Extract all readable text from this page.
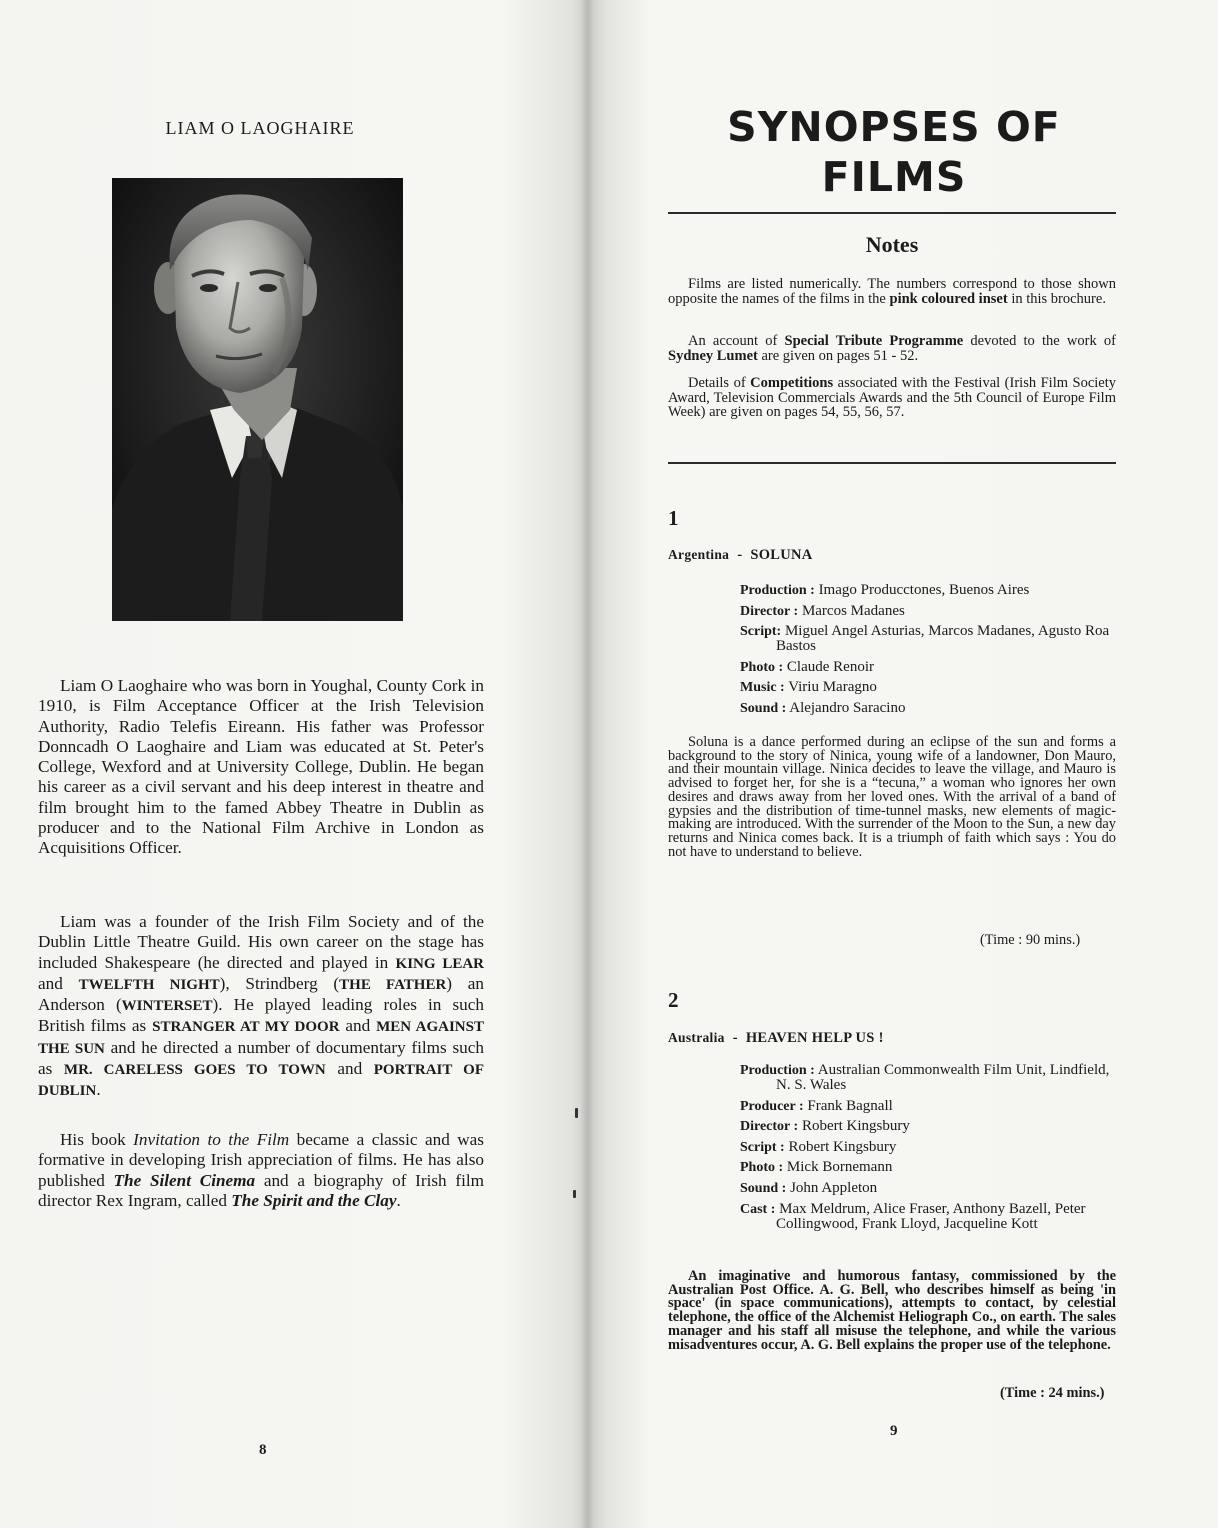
LIAM O LAOGHAIRE

Liam O Laoghaire who was born in Youghal, County Cork in 1910, is Film Acceptance Officer at the Irish Television Authority, Radio Telefis Eireann. His father was Professor Donncadh O Laoghaire and Liam was educated at St. Peter's College, Wexford and at University College, Dublin. He began his career as a civil servant and his deep interest in theatre and film brought him to the famed Abbey Theatre in Dublin as producer and to the National Film Archive in London as Acquisitions Officer.

Liam was a founder of the Irish Film Society and of the Dublin Little Theatre Guild. His own career on the stage has included Shakespeare (he directed and played in KING LEAR and TWELFTH NIGHT), Strindberg (THE FATHER) an Anderson (WINTERSET). He played leading roles in such British films as STRANGER AT MY DOOR and MEN AGAINST THE SUN and he directed a number of documentary films such as MR. CARELESS GOES TO TOWN and PORTRAIT OF DUBLIN.

His book Invitation to the Film became a classic and was formative in developing Irish appreciation of films. He has also published The Silent Cinema and a biography of Irish film director Rex Ingram, called The Spirit and the Clay.

8
SYNOPSES OF FILMS
Notes

Films are listed numerically. The numbers correspond to those shown opposite the names of the films in the pink coloured inset in this brochure.

An account of Special Tribute Programme devoted to the work of Sydney Lumet are given on pages 51 - 52.

Details of Competitions associated with the Festival (Irish Film Society Award, Television Commercials Awards and the 5th Council of Europe Film Week) are given on pages 54, 55, 56, 57.

1
Argentina - SOLUNA
Production : Imago Producctones, Buenos Aires
Director : Marcos Madanes
Script: Miguel Angel Asturias, Marcos Madanes, Agusto Roa Bastos
Photo : Claude Renoir
Music : Viriu Maragno
Sound : Alejandro Saracino

Soluna is a dance performed during an eclipse of the sun and forms a background to the story of Ninica, young wife of a landowner, Don Mauro, and their mountain village. Ninica decides to leave the village, and Mauro is advised to forget her, for she is a “tecuna,” a woman who ignores her own desires and draws away from her loved ones. With the arrival of a band of gypsies and the distribution of time-tunnel masks, new elements of magic-making are introduced. With the surrender of the Moon to the Sun, a new day returns and Ninica comes back. It is a triumph of faith which says : You do not have to understand to believe.

(Time : 90 mins.)
2
Australia - HEAVEN HELP US !
Production : Australian Commonwealth Film Unit, Lindfield, N. S. Wales
Producer : Frank Bagnall
Director : Robert Kingsbury
Script : Robert Kingsbury
Photo : Mick Bornemann
Sound : John Appleton
Cast : Max Meldrum, Alice Fraser, Anthony Bazell, Peter Collingwood, Frank Lloyd, Jacqueline Kott

An imaginative and humorous fantasy, commissioned by the Australian Post Office. A. G. Bell, who describes himself as being 'in space' (in space communications), attempts to contact, by celestial telephone, the office of the Alchemist Heliograph Co., on earth. The sales manager and his staff all misuse the telephone, and while the various misadventures occur, A. G. Bell explains the proper use of the telephone.

(Time : 24 mins.)
9
